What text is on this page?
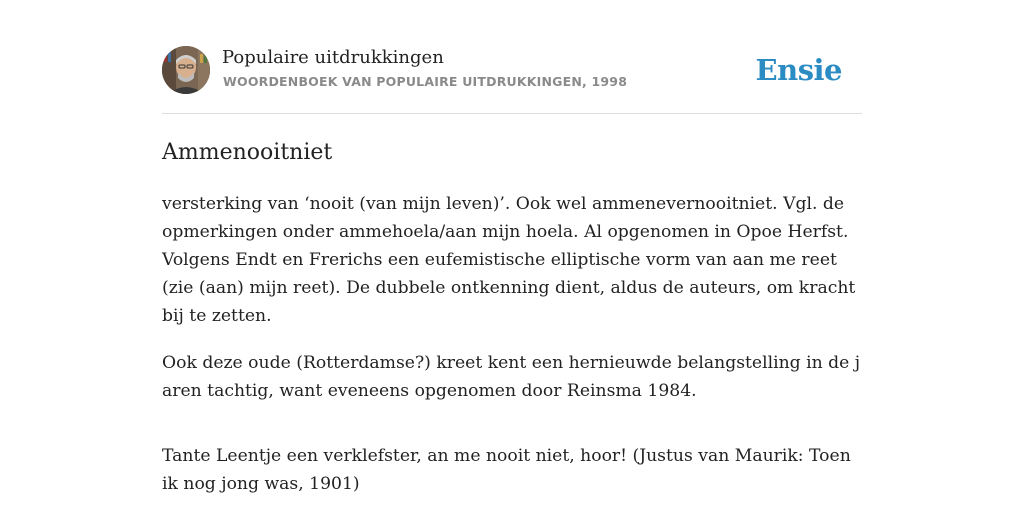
Populaire uitdrukkingen
WOORDENBOEK VAN POPULAIRE UITDRUKKINGEN, 1998	Ensie
Ammenooitniet

versterking van ‘nooit (van mijn leven)’. Ook wel ammenevernooitniet. Vgl. de opmerkingen onder ammehoela/aan mijn hoela. Al opgenomen in Opoe Herfst. Volgens Endt en Frerichs een eufemistische elliptische vorm van aan me reet (zie (aan) mijn reet). De dubbele ontkenning dient, aldus de auteurs, om kracht bij te zetten.

Ook deze oude (Rotterdamse?) kreet kent een hernieuwde belangstelling in de j aren tachtig, want eveneens opgenomen door Reinsma 1984.

Tante Leentje een verklefster, an me nooit niet, hoor! (Justus van Maurik: Toen ik nog jong was, 1901)
